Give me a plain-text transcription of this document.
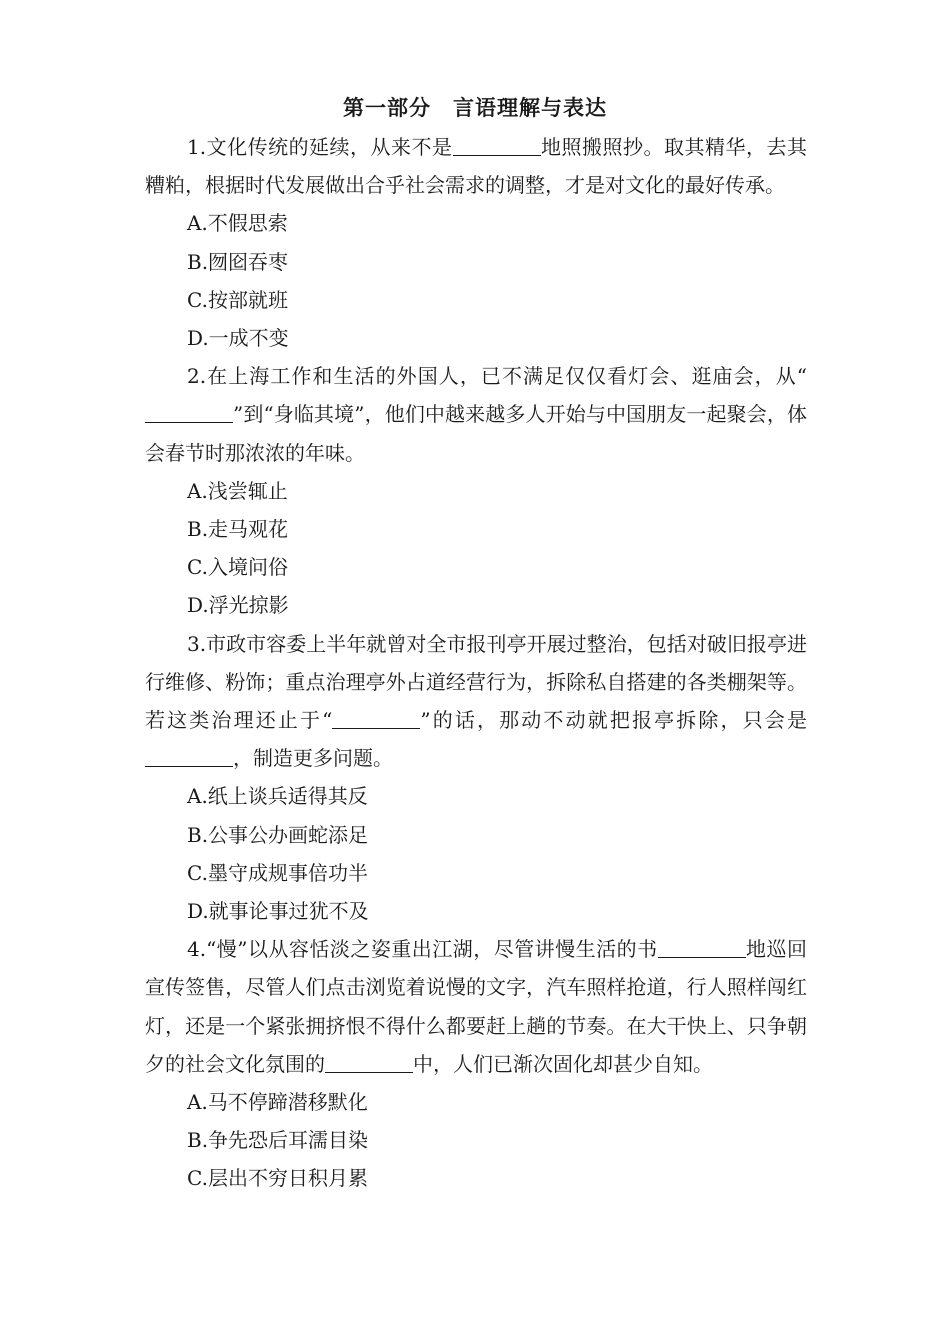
第一部分　言语理解与表达

1.文化传统的延续，从来不是	地照搬照抄。取其精华，去其糟粕，根据时代发展做出合乎社会需求的调整，才是对文化的最好传承。

A.不假思索

B.囫囵吞枣

C.按部就班

D.一成不变

2.在上海工作和生活的外国人，已不满足仅仅看灯会、逛庙会，从“”到“身临其境”，他们中越来越多人开始与中国朋友一起聚会，体会春节时那浓浓的年味。

A.浅尝辄止

B.走马观花

C.入境问俗

D.浮光掠影

3.市政市容委上半年就曾对全市报刊亭开展过整治，包括对破旧报亭进行维修、粉饰；重点治理亭外占道经营行为，拆除私自搭建的各类棚架等。若这类治理还止于“	”的话，那动不动就把报亭拆除，只会是，制造更多问题。

A.纸上谈兵适得其反

B.公事公办画蛇添足

C.墨守成规事倍功半

D.就事论事过犹不及

4.“慢”以从容恬淡之姿重出江湖，尽管讲慢生活的书	地巡回宣传签售，尽管人们点击浏览着说慢的文字，汽车照样抢道，行人照样闯红灯，还是一个紧张拥挤恨不得什么都要赶上趟的节奏。在大干快上、只争朝夕的社会文化氛围的	中，人们已渐次固化却甚少自知。

A.马不停蹄潜移默化

B.争先恐后耳濡目染

C.层出不穷日积月累
